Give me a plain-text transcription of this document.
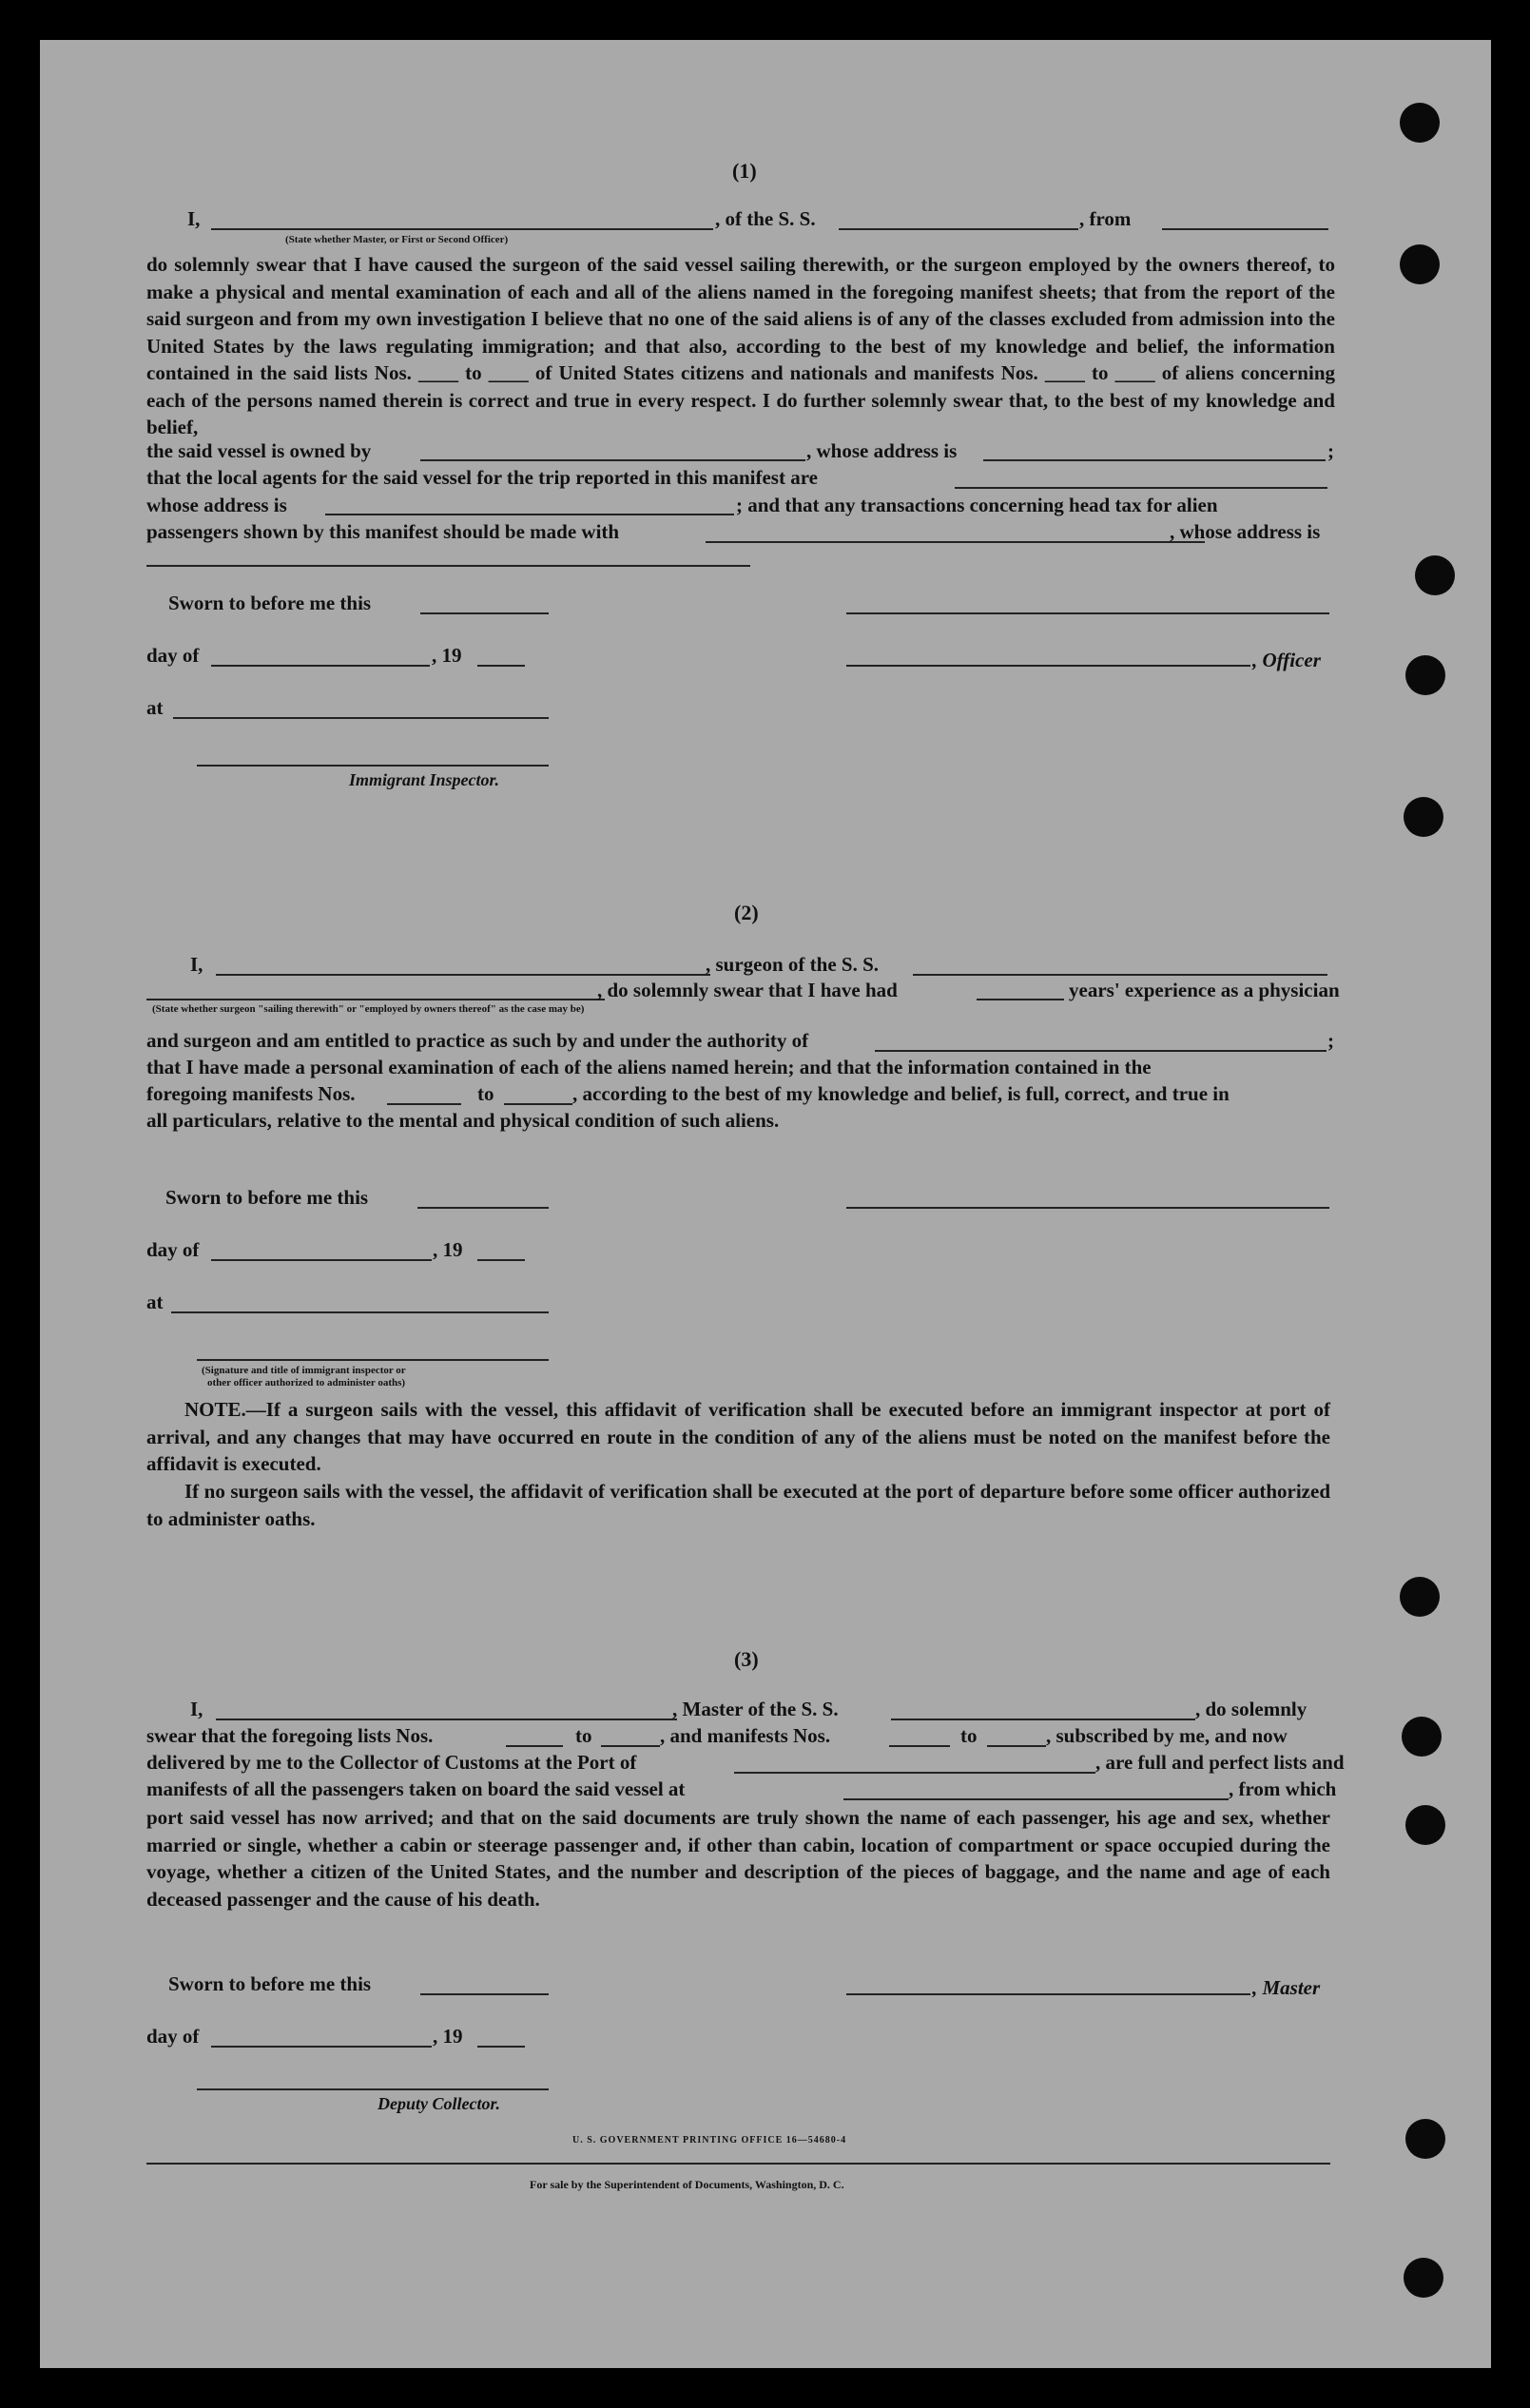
(1)
I,	, of the S. S.	, from
(State whether Master, or First or Second Officer)
do solemnly swear that I have caused the surgeon of the said vessel sailing therewith, or the surgeon employed by the owners thereof, to make a physical and mental examination of each and all of the aliens named in the foregoing manifest sheets; that from the report of the said surgeon and from my own investigation I believe that no one of the said aliens is of any of the classes excluded from admission into the United States by the laws regulating immigration; and that also, according to the best of my knowledge and belief, the information contained in the said lists Nos. ____ to ____ of United States citizens and nationals and manifests Nos. ____ to ____ of aliens concerning each of the persons named therein is correct and true in every respect. I do further solemnly swear that, to the best of my knowledge and belief,
the said vessel is owned by	, whose address is	;
that the local agents for the said vessel for the trip reported in this manifest are
whose address is	; and that any transactions concerning head tax for alien
passengers shown by this manifest should be made with	, whose address is
Sworn to before me this
day of	, 19	, Officer
at
Immigrant Inspector.
(2)
I,	, surgeon of the S. S.
, do solemnly swear that I have had	years' experience as a physician
(State whether surgeon "sailing therewith" or "employed by owners thereof" as the case may be)
and surgeon and am entitled to practice as such by and under the authority of	;
that I have made a personal examination of each of the aliens named herein; and that the information contained in the
foregoing manifests Nos.	to	, according to the best of my knowledge and belief, is full, correct, and true in
all particulars, relative to the mental and physical condition of such aliens.
Sworn to before me this
day of	, 19
at
(Signature and title of immigrant inspector or
other officer authorized to administer oaths)
NOTE.—If a surgeon sails with the vessel, this affidavit of verification shall be executed before an immigrant inspector at port of arrival, and any changes that may have occurred en route in the condition of any of the aliens must be noted on the manifest before the affidavit is executed.
If no surgeon sails with the vessel, the affidavit of verification shall be executed at the port of departure before some officer authorized to administer oaths.
(3)
I,	, Master of the S. S.	, do solemnly
swear that the foregoing lists Nos.	to	, and manifests Nos.	to	, subscribed by me, and now
delivered by me to the Collector of Customs at the Port of	, are full and perfect lists and
manifests of all the passengers taken on board the said vessel at	, from which
port said vessel has now arrived; and that on the said documents are truly shown the name of each passenger, his age and sex, whether married or single, whether a cabin or steerage passenger and, if other than cabin, location of compartment or space occupied during the voyage, whether a citizen of the United States, and the number and description of the pieces of baggage, and the name and age of each deceased passenger and the cause of his death.
Sworn to before me this	, Master
day of	, 19
Deputy Collector.
U. S. GOVERNMENT PRINTING OFFICE 16—54680-4
For sale by the Superintendent of Documents, Washington, D. C.
